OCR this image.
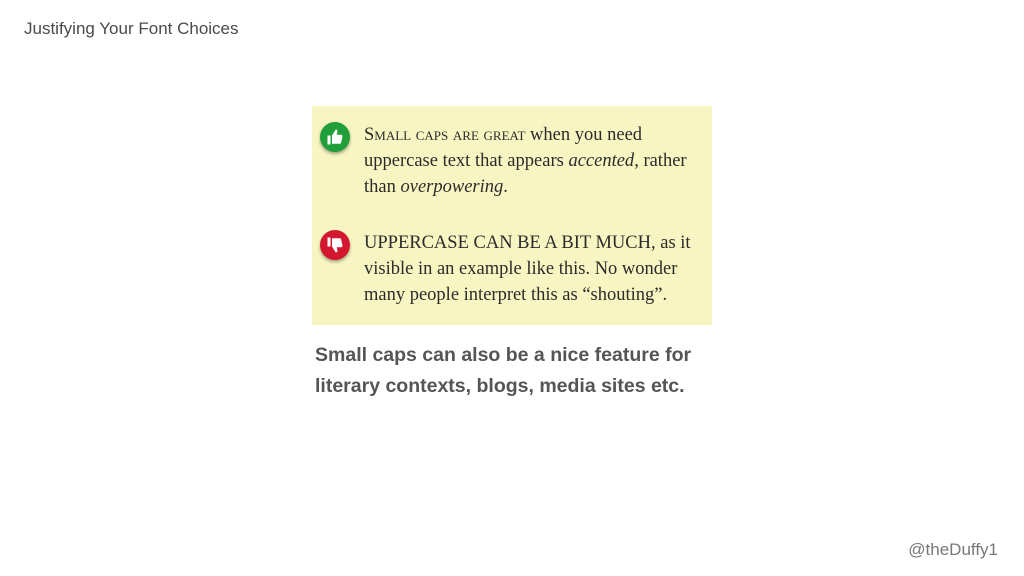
Justifying Your Font Choices
Small caps are great when you need uppercase text that appears accented, rather than overpowering.
UPPERCASE CAN BE A BIT MUCH, as it visible in an example like this. No wonder many people interpret this as “shouting”.
Small caps can also be a nice feature for literary contexts, blogs, media sites etc.
@theDuffy1
